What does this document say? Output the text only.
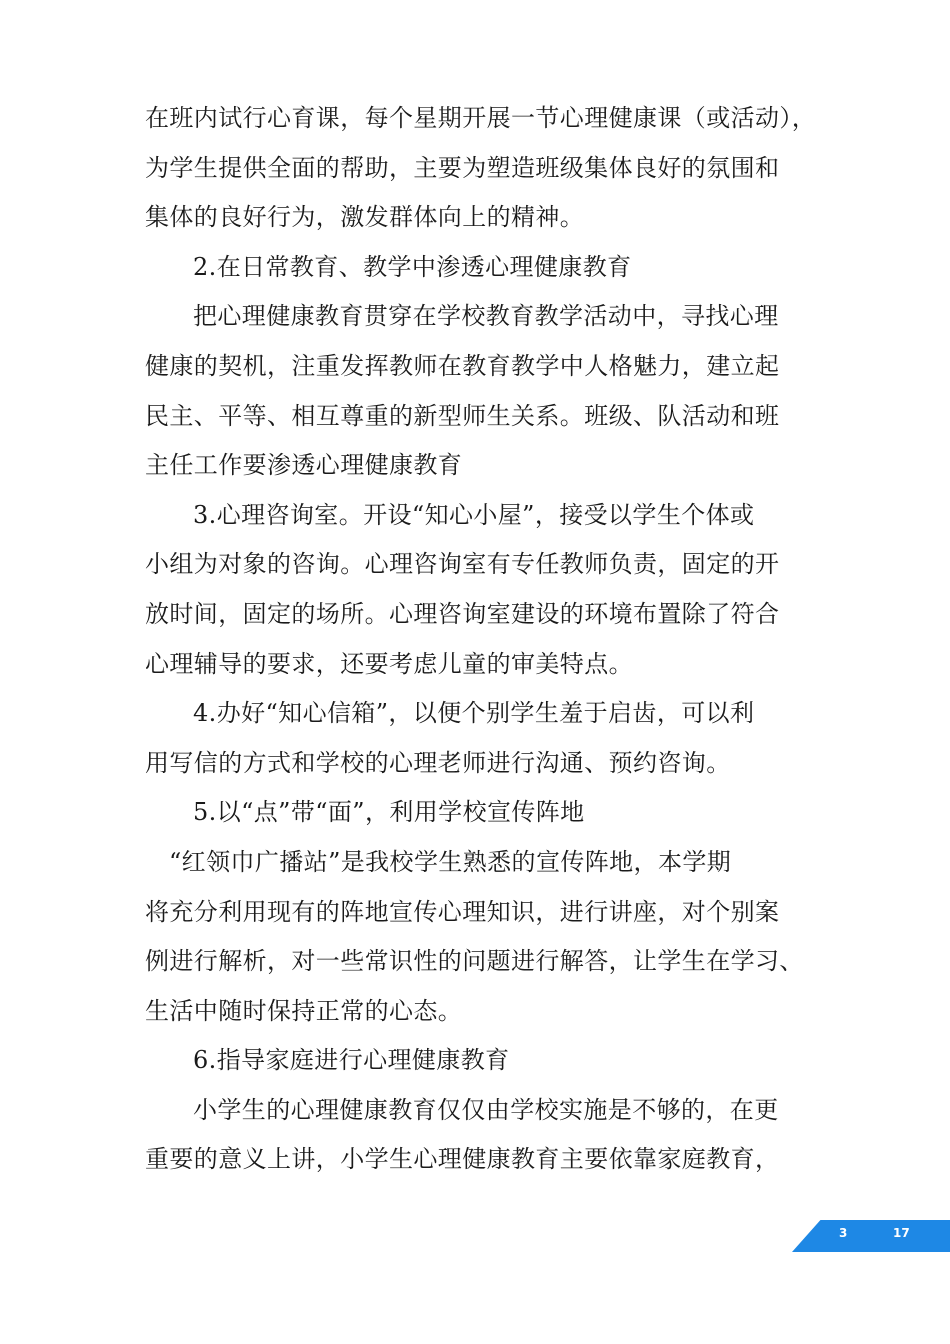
在班内试行心育课，每个星期开展一节心理健康课（或活动），
为学生提供全面的帮助，主要为塑造班级集体良好的氛围和
集体的良好行为，激发群体向上的精神。
2.在日常教育、教学中渗透心理健康教育
把心理健康教育贯穿在学校教育教学活动中，寻找心理
健康的契机，注重发挥教师在教育教学中人格魅力，建立起
民主、平等、相互尊重的新型师生关系。班级、队活动和班
主任工作要渗透心理健康教育
3.心理咨询室。开设“知心小屋”，接受以学生个体或
小组为对象的咨询。心理咨询室有专任教师负责，固定的开
放时间，固定的场所。心理咨询室建设的环境布置除了符合
心理辅导的要求，还要考虑儿童的审美特点。
4.办好“知心信箱”，以便个别学生羞于启齿，可以利
用写信的方式和学校的心理老师进行沟通、预约咨询。
5.以“点”带“面”，利用学校宣传阵地
“红领巾广播站”是我校学生熟悉的宣传阵地，本学期
将充分利用现有的阵地宣传心理知识，进行讲座，对个别案
例进行解析，对一些常识性的问题进行解答，让学生在学习、
生活中随时保持正常的心态。
6.指导家庭进行心理健康教育
小学生的心理健康教育仅仅由学校实施是不够的，在更
重要的意义上讲，小学生心理健康教育主要依靠家庭教育，
3	17
